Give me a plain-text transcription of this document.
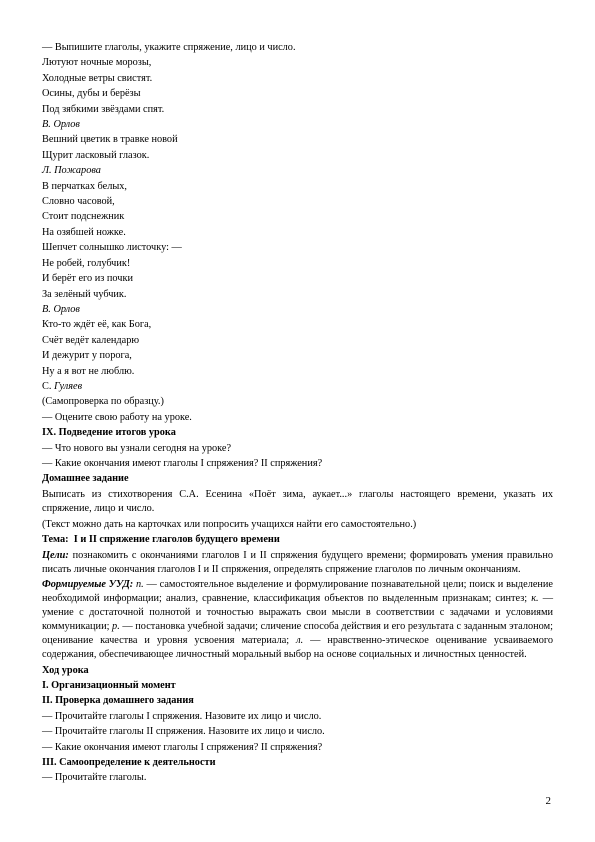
— Выпишите глаголы, укажите спряжение, лицо и число.
Лютуют ночные морозы,
Холодные ветры свистят.
Осины, дубы и берёзы
Под зябкими звёздами спят.
В. Орлов
Вешний цветик в травке новой
Щурит ласковый глазок.
Л. Пожарова
В перчатках белых,
Словно часовой,
Стоит подснежник
На озябшей ножке.
Шепчет солнышко листочку: —
Не робей, голубчик!
И берёт его из почки
За зелёный чубчик.
В. Орлов
Кто-то ждёт её, как Бога,
Счёт ведёт календарю
И дежурит у порога,
Ну а я вот не люблю.
С. Гуляев
(Самопроверка по образцу.)
— Оцените свою работу на уроке.
IX. Подведение итогов урока
— Что нового вы узнали сегодня на уроке?
— Какие окончания имеют глаголы I спряжения? II спряжения?
Домашнее задание
Выписать из стихотворения С.А. Есенина «Поёт зима, аукает...» глаголы настоящего времени, указать их спряжение, лицо и число.
(Текст можно дать на карточках или попросить учащихся найти его самостоятельно.)
Тема: I и II спряжение глаголов будущего времени
Цели: познакомить с окончаниями глаголов I и II спряжения будущего времени; формировать умения правильно писать личные окончания глаголов I и II спряжения, определять спряжение глаголов по личным окончаниям.
Формируемые УУД: п. — самостоятельное выделение и формулирование познавательной цели; поиск и выделение необходимой информации; анализ, сравнение, классификация объектов по выделенным признакам; синтез; к. — умение с достаточной полнотой и точностью выражать свои мысли в соответствии с задачами и условиями коммуникации; р. — постановка учебной задачи; сличение способа действия и его результата с заданным эталоном; оценивание качества и уровня усвоения материала; л. — нравственно-этическое оценивание усваиваемого содержания, обеспечивающее личностный моральный выбор на основе социальных и личностных ценностей.
Ход урока
I. Организационный момент
II. Проверка домашнего задания
— Прочитайте глаголы I спряжения. Назовите их лицо и число.
— Прочитайте глаголы II спряжения. Назовите их лицо и число.
— Какие окончания имеют глаголы I спряжения? II спряжения?
III. Самоопределение к деятельности
— Прочитайте глаголы.
2
